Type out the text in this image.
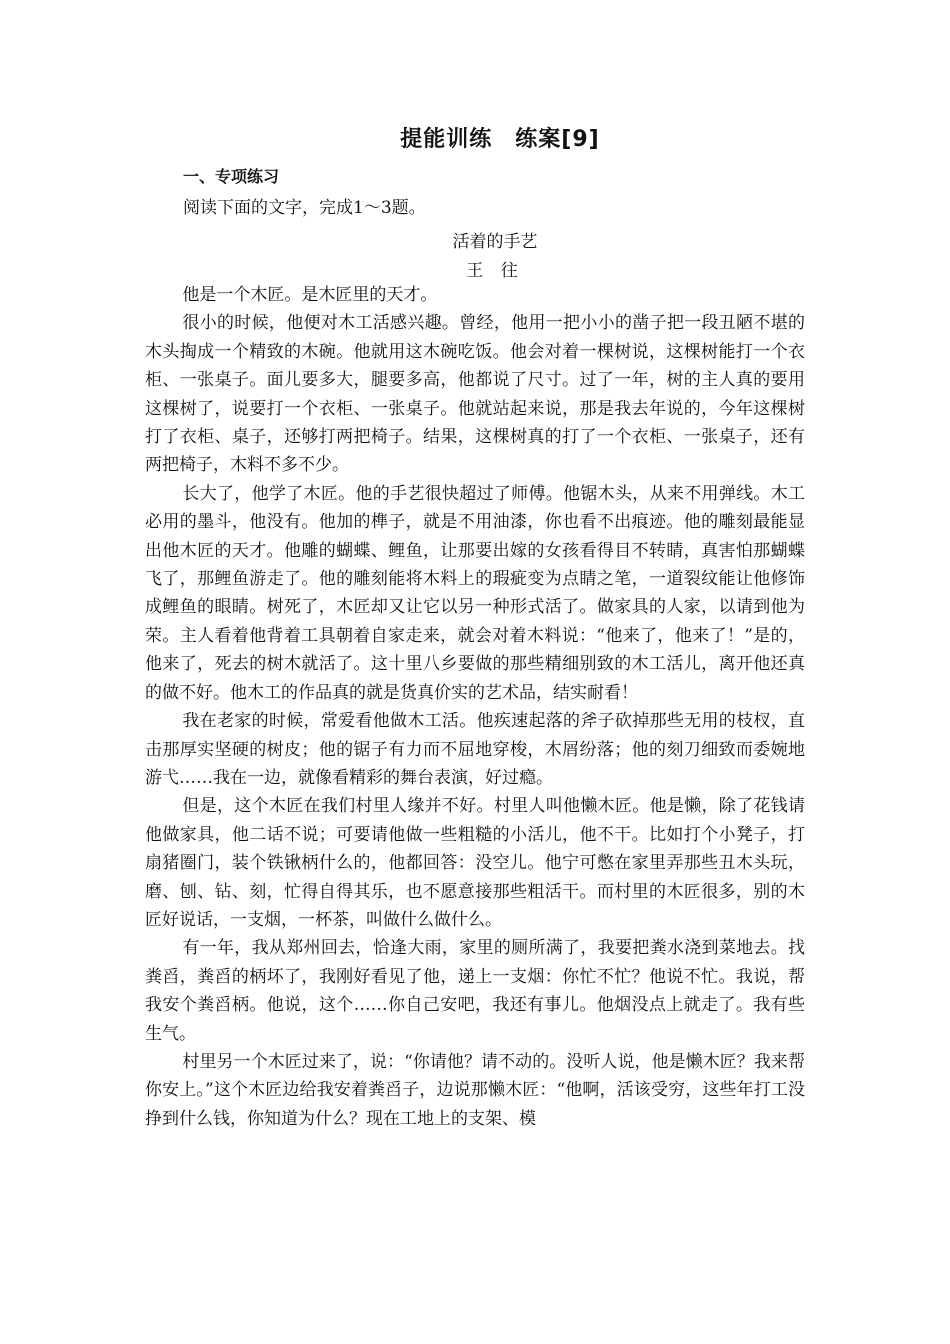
提能训练　练案[9]
一、专项练习
阅读下面的文字，完成1～3题。
活着的手艺
王 往

他是一个木匠。是木匠里的天才。

很小的时候，他便对木工活感兴趣。曾经，他用一把小小的凿子把一段丑陋不堪的木头掏成一个精致的木碗。他就用这木碗吃饭。他会对着一棵树说，这棵树能打一个衣柜、一张桌子。面儿要多大，腿要多高，他都说了尺寸。过了一年，树的主人真的要用这棵树了，说要打一个衣柜、一张桌子。他就站起来说，那是我去年说的，今年这棵树打了衣柜、桌子，还够打两把椅子。结果，这棵树真的打了一个衣柜、一张桌子，还有两把椅子，木料不多不少。

长大了，他学了木匠。他的手艺很快超过了师傅。他锯木头，从来不用弹线。木工必用的墨斗，他没有。他加的榫子，就是不用油漆，你也看不出痕迹。他的雕刻最能显出他木匠的天才。他雕的蝴蝶、鲤鱼，让那要出嫁的女孩看得目不转睛，真害怕那蝴蝶飞了，那鲤鱼游走了。他的雕刻能将木料上的瑕疵变为点睛之笔，一道裂纹能让他修饰成鲤鱼的眼睛。树死了，木匠却又让它以另一种形式活了。做家具的人家，以请到他为荣。主人看着他背着工具朝着自家走来，就会对着木料说：“他来了，他来了！”是的，他来了，死去的树木就活了。这十里八乡要做的那些精细别致的木工活儿，离开他还真的做不好。他木工的作品真的就是货真价实的艺术品，结实耐看！

我在老家的时候，常爱看他做木工活。他疾速起落的斧子砍掉那些无用的枝杈，直击那厚实坚硬的树皮；他的锯子有力而不屈地穿梭，木屑纷落；他的刻刀细致而委婉地游弋……我在一边，就像看精彩的舞台表演，好过瘾。

但是，这个木匠在我们村里人缘并不好。村里人叫他懒木匠。他是懒，除了花钱请他做家具，他二话不说；可要请他做一些粗糙的小活儿，他不干。比如打个小凳子，打扇猪圈门，装个铁锹柄什么的，他都回答：没空儿。他宁可憋在家里弄那些丑木头玩，磨、刨、钻、刻，忙得自得其乐，也不愿意接那些粗活干。而村里的木匠很多，别的木匠好说话，一支烟，一杯茶，叫做什么做什么。

有一年，我从郑州回去，恰逢大雨，家里的厕所满了，我要把粪水浇到菜地去。找粪舀，粪舀的柄坏了，我刚好看见了他，递上一支烟：你忙不忙？他说不忙。我说，帮我安个粪舀柄。他说，这个……你自己安吧，我还有事儿。他烟没点上就走了。我有些生气。

村里另一个木匠过来了，说：“你请他？请不动的。没听人说，他是懒木匠？我来帮你安上。”这个木匠边给我安着粪舀子，边说那懒木匠：“他啊，活该受穷，这些年打工没挣到什么钱，你知道为什么？现在工地上的支架、模
